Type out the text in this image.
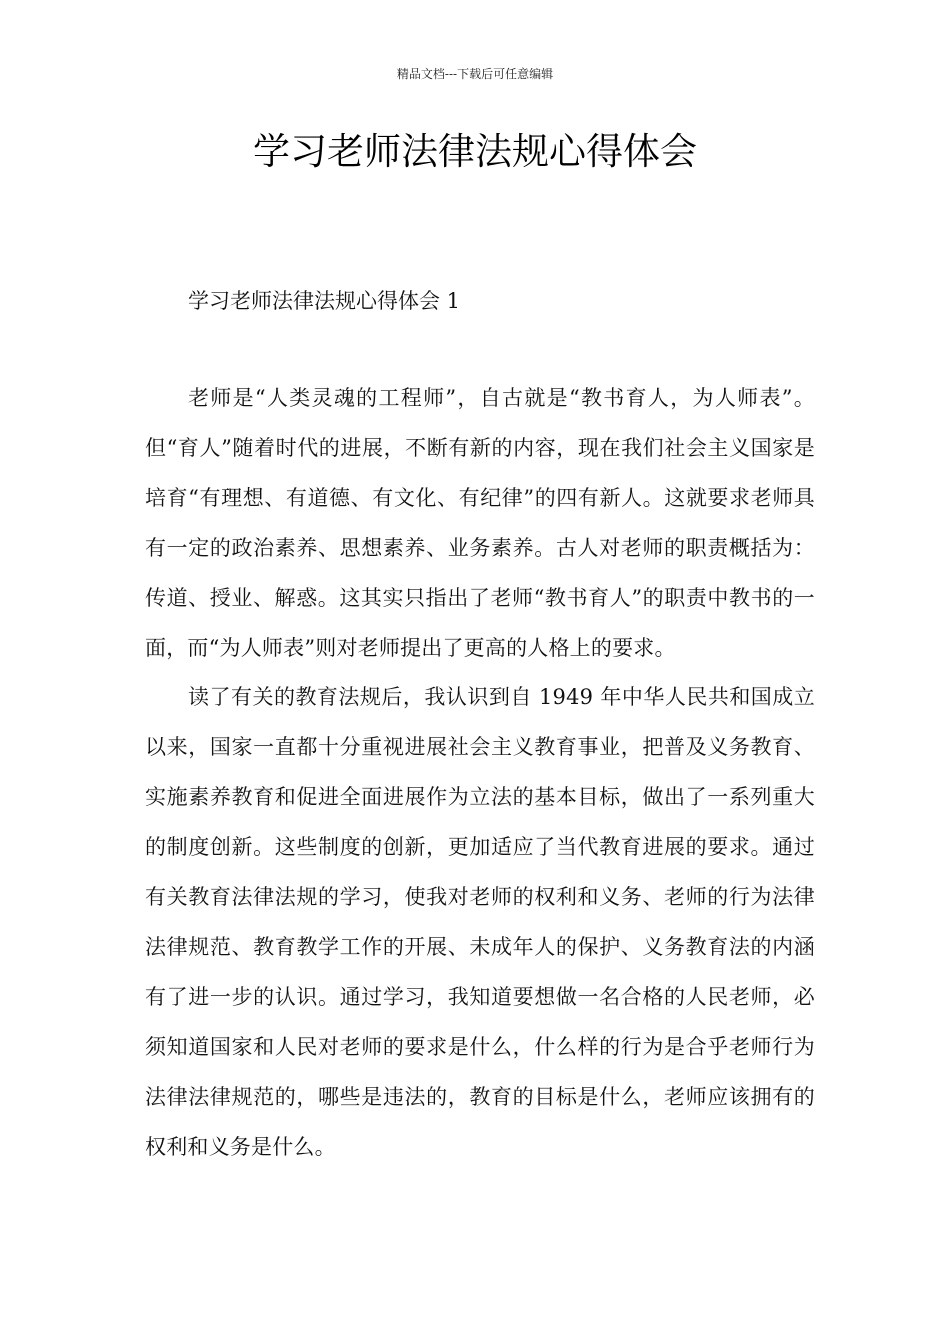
精品文档---下载后可任意编辑
学习老师法律法规心得体会
学习老师法律法规心得体会 1

老师是“人类灵魂的工程师”，自古就是“教书育人，为人师表”。但“育人”随着时代的进展，不断有新的内容，现在我们社会主义国家是培育“有理想、有道德、有文化、有纪律”的四有新人。这就要求老师具有一定的政治素养、思想素养、业务素养。古人对老师的职责概括为：传道、授业、解惑。这其实只指出了老师“教书育人”的职责中教书的一面，而“为人师表”则对老师提出了更高的人格上的要求。

读了有关的教育法规后，我认识到自 1949 年中华人民共和国成立以来，国家一直都十分重视进展社会主义教育事业，把普及义务教育、实施素养教育和促进全面进展作为立法的基本目标，做出了一系列重大的制度创新。这些制度的创新，更加适应了当代教育进展的要求。通过有关教育法律法规的学习，使我对老师的权利和义务、老师的行为法律法律规范、教育教学工作的开展、未成年人的保护、义务教育法的内涵有了进一步的认识。通过学习，我知道要想做一名合格的人民老师，必须知道国家和人民对老师的要求是什么，什么样的行为是合乎老师行为法律法律规范的，哪些是违法的，教育的目标是什么，老师应该拥有的权利和义务是什么。
